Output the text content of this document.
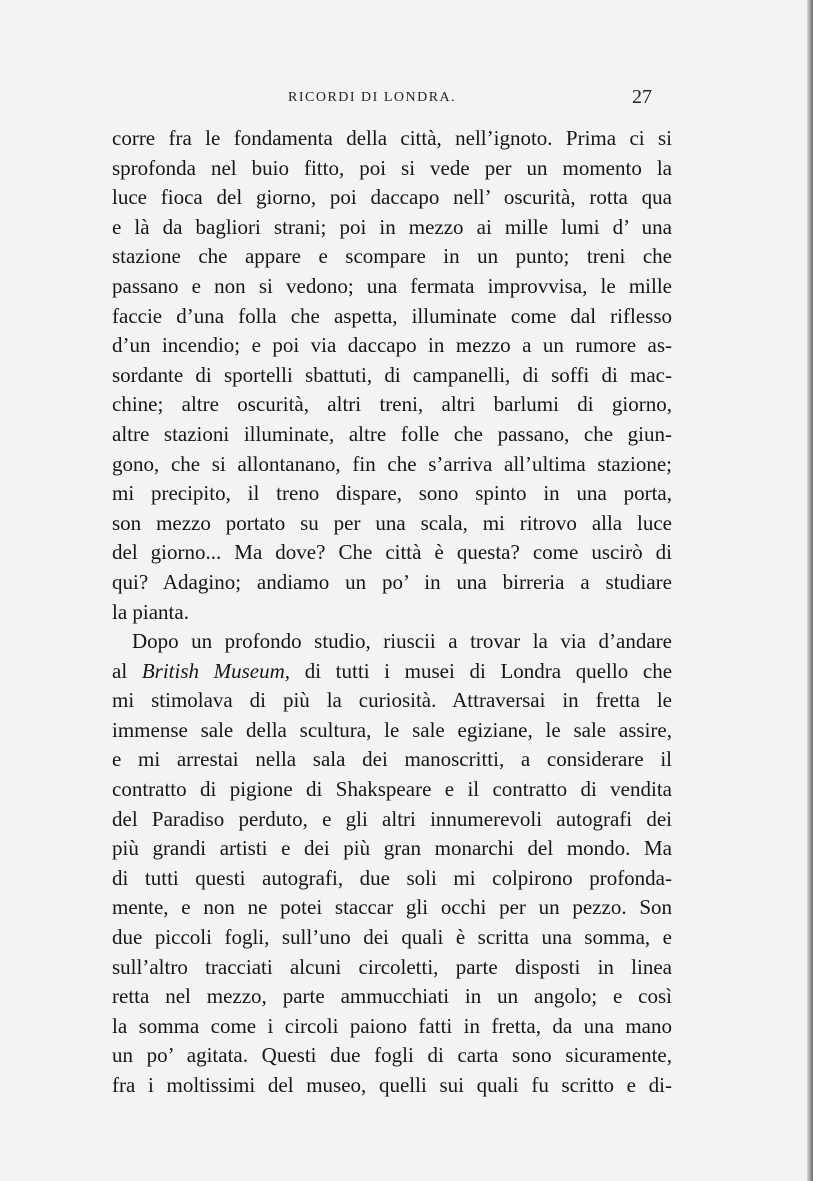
RICORDI DI LONDRA.	27
corre fra le fondamenta della città, nell’ignoto. Prima ci si
sprofonda nel buio fitto, poi si vede per un momento la
luce fioca del giorno, poi daccapo nell’ oscurità, rotta qua
e là da bagliori strani; poi in mezzo ai mille lumi d’ una
stazione che appare e scompare in un punto; treni che
passano e non si vedono; una fermata improvvisa, le mille
faccie d’una folla che aspetta, illuminate come dal riflesso
d’un incendio; e poi via daccapo in mezzo a un rumore as-
sordante di sportelli sbattuti, di campanelli, di soffi di mac-
chine; altre oscurità, altri treni, altri barlumi di giorno,
altre stazioni illuminate, altre folle che passano, che giun-
gono, che si allontanano, fin che s’arriva all’ultima stazione;
mi precipito, il treno dispare, sono spinto in una porta,
son mezzo portato su per una scala, mi ritrovo alla luce
del giorno... Ma dove? Che città è questa? come uscirò di
qui? Adagino; andiamo un po’ in una birreria a studiare
la pianta.
Dopo un profondo studio, riuscii a trovar la via d’andare
al British Museum, di tutti i musei di Londra quello che
mi stimolava di più la curiosità. Attraversai in fretta le
immense sale della scultura, le sale egiziane, le sale assire,
e mi arrestai nella sala dei manoscritti, a considerare il
contratto di pigione di Shakspeare e il contratto di vendita
del Paradiso perduto, e gli altri innumerevoli autografi dei
più grandi artisti e dei più gran monarchi del mondo. Ma
di tutti questi autografi, due soli mi colpirono profonda-
mente, e non ne potei staccar gli occhi per un pezzo. Son
due piccoli fogli, sull’uno dei quali è scritta una somma, e
sull’altro tracciati alcuni circoletti, parte disposti in linea
retta nel mezzo, parte ammucchiati in un angolo; e così
la somma come i circoli paiono fatti in fretta, da una mano
un po’ agitata. Questi due fogli di carta sono sicuramente,
fra i moltissimi del museo, quelli sui quali fu scritto e di-
